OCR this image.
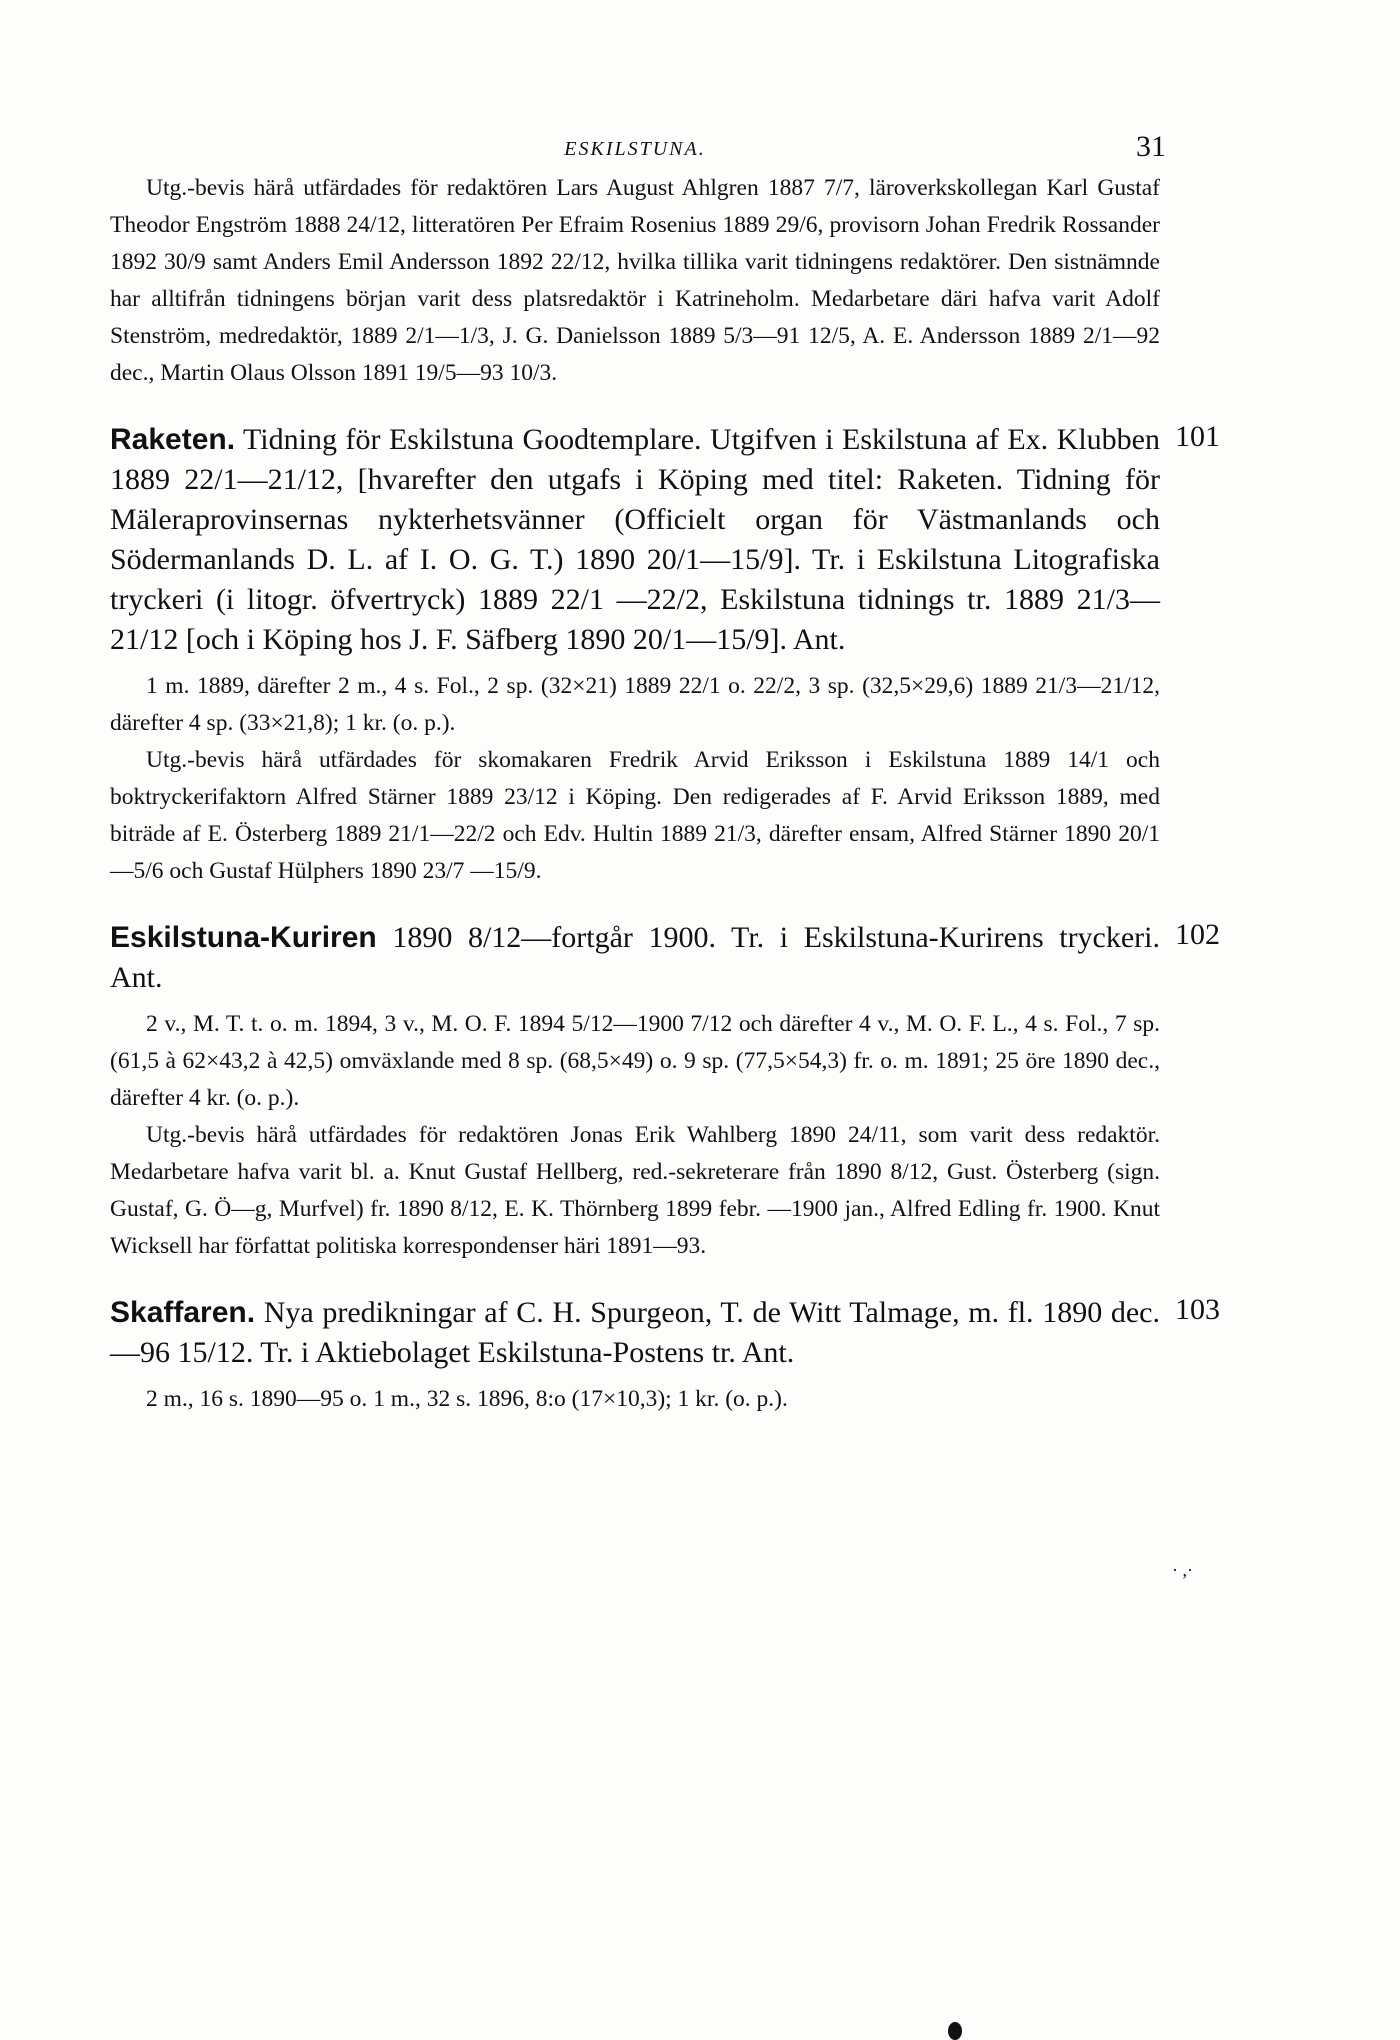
ESKILSTUNA.	31

Utg.-bevis härå utfärdades för redaktören Lars August Ahlgren 1887 7/7, läroverkskollegan Karl Gustaf Theodor Engström 1888 24/12, litteratören Per Efraim Rosenius 1889 29/6, provisorn Johan Fredrik Rossander 1892 30/9 samt Anders Emil Andersson 1892 22/12, hvilka tillika varit tidningens redaktörer. Den sistnämnde har alltifrån tidningens början varit dess platsredaktör i Katrineholm. Medarbetare däri hafva varit Adolf Stenström, medredaktör, 1889 2/1—1/3, J. G. Danielsson 1889 5/3—91 12/5, A. E. Andersson 1889 2/1—92 dec., Martin Olaus Olsson 1891 19/5—93 10/3.

101

Raketen. Tidning för Eskilstuna Goodtemplare. Utgifven i Eskilstuna af Ex. Klubben 1889 22/1—21/12, [hvarefter den utgafs i Köping med titel: Raketen. Tidning för Mäleraprovinsernas nykterhetsvänner (Officielt organ för Västmanlands och Södermanlands D. L. af I. O. G. T.) 1890 20/1—15/9]. Tr. i Eskilstuna Litografiska tryckeri (i litogr. öfvertryck) 1889 22/1 —22/2, Eskilstuna tidnings tr. 1889 21/3—21/12 [och i Köping hos J. F. Säfberg 1890 20/1—15/9]. Ant.

1 m. 1889, därefter 2 m., 4 s. Fol., 2 sp. (32×21) 1889 22/1 o. 22/2, 3 sp. (32,5×29,6) 1889 21/3—21/12, därefter 4 sp. (33×21,8); 1 kr. (o. p.).

Utg.-bevis härå utfärdades för skomakaren Fredrik Arvid Eriksson i Eskilstuna 1889 14/1 och boktryckerifaktorn Alfred Stärner 1889 23/12 i Köping. Den redigerades af F. Arvid Eriksson 1889, med biträde af E. Österberg 1889 21/1—22/2 och Edv. Hultin 1889 21/3, därefter ensam, Alfred Stärner 1890 20/1—5/6 och Gustaf Hülphers 1890 23/7 —15/9.

102

Eskilstuna-Kuriren 1890 8/12—fortgår 1900. Tr. i Eskilstuna-Kurirens tryckeri. Ant.

2 v., M. T. t. o. m. 1894, 3 v., M. O. F. 1894 5/12—1900 7/12 och därefter 4 v., M. O. F. L., 4 s. Fol., 7 sp. (61,5 à 62×43,2 à 42,5) omväxlande med 8 sp. (68,5×49) o. 9 sp. (77,5×54,3) fr. o. m. 1891; 25 öre 1890 dec., därefter 4 kr. (o. p.).

Utg.-bevis härå utfärdades för redaktören Jonas Erik Wahlberg 1890 24/11, som varit dess redaktör. Medarbetare hafva varit bl. a. Knut Gustaf Hellberg, red.-sekreterare från 1890 8/12, Gust. Österberg (sign. Gustaf, G. Ö—g, Murfvel) fr. 1890 8/12, E. K. Thörnberg 1899 febr. —1900 jan., Alfred Edling fr. 1900. Knut Wicksell har författat politiska korrespondenser häri 1891—93.

103

Skaffaren. Nya predikningar af C. H. Spurgeon, T. de Witt Talmage, m. fl. 1890 dec.—96 15/12. Tr. i Aktiebolaget Eskilstuna-Postens tr. Ant.

2 m., 16 s. 1890—95 o. 1 m., 32 s. 1896, 8:o (17×10,3); 1 kr. (o. p.).

· ,·
